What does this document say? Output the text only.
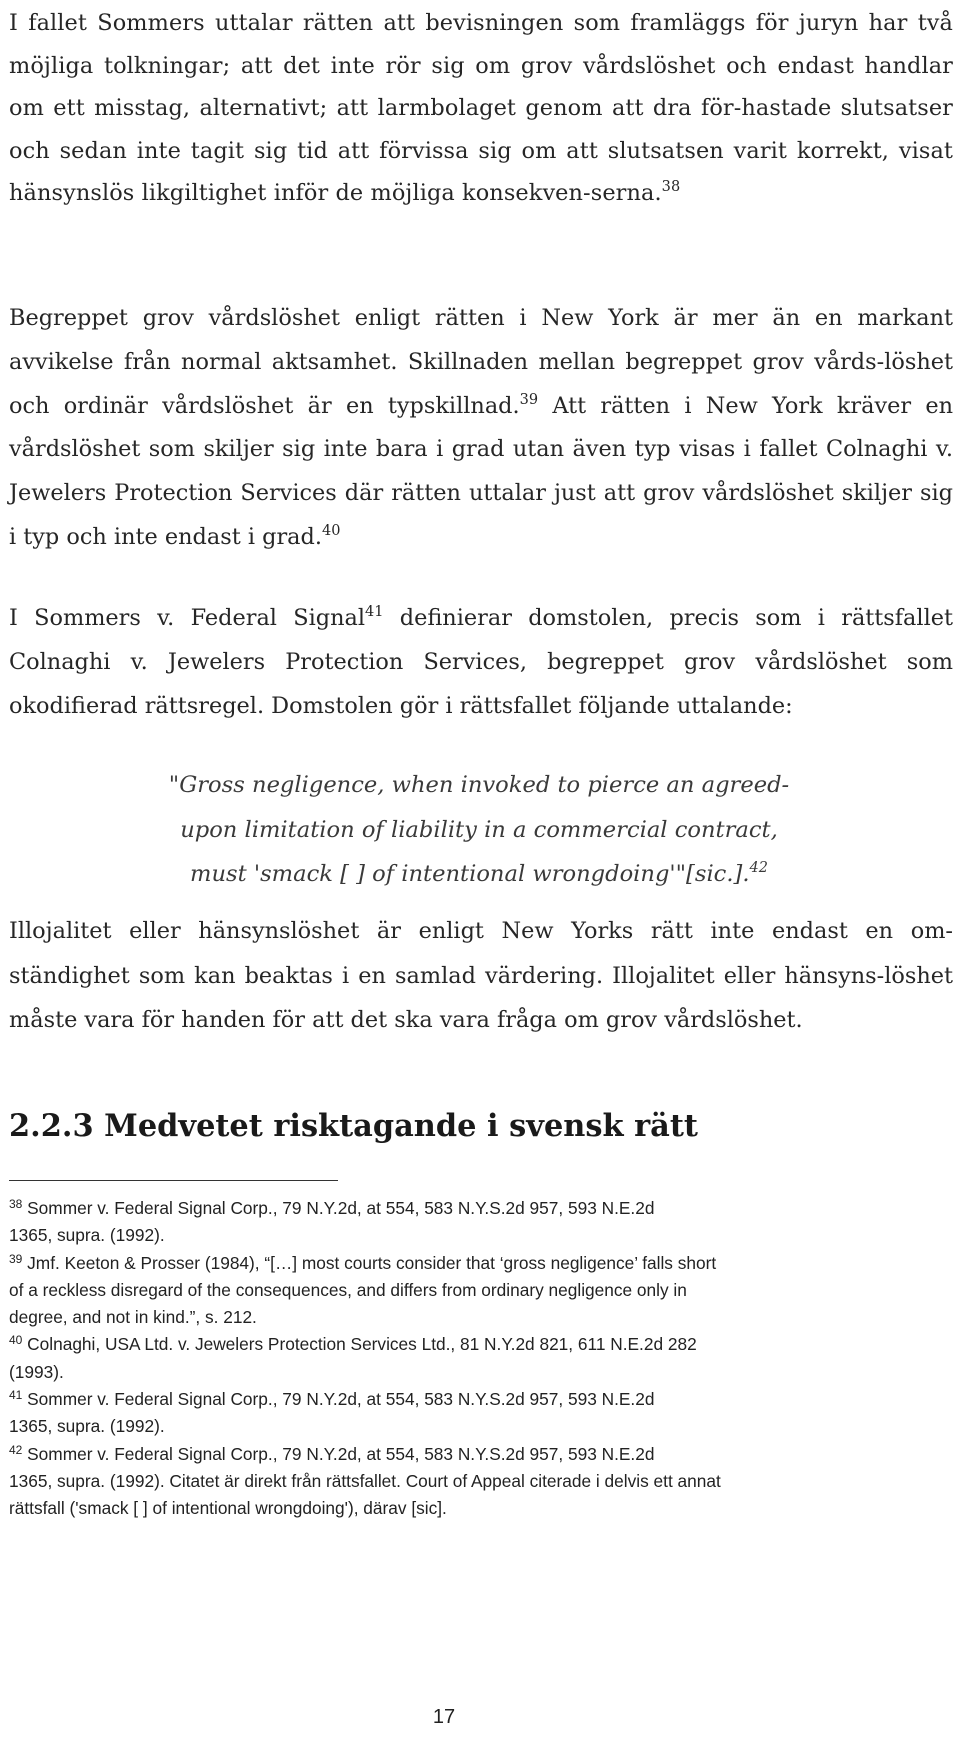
I fallet Sommers uttalar rätten att bevisningen som framläggs för juryn har två möjliga tolkningar; att det inte rör sig om grov vårdslöshet och endast handlar om ett misstag, alternativt; att larmbolaget genom att dra för-hastade slutsatser och sedan inte tagit sig tid att förvissa sig om att slutsatsen varit korrekt, visat hänsynslös likgiltighet inför de möjliga konsekven-serna.$^{38}$

Begreppet grov vårdslöshet enligt rätten i New York är mer än en markant avvikelse från normal aktsamhet. Skillnaden mellan begreppet grov vårds-löshet och ordinär vårdslöshet är en typskillnad.$^{39}$ Att rätten i New York kräver en vårdslöshet som skiljer sig inte bara i grad utan även typ visas i fallet Colnaghi v. Jewelers Protection Services där rätten uttalar just att grov vårdslöshet skiljer sig i typ och inte endast i grad.$^{40}$

I Sommers v. Federal Signal$^{41}$ definierar domstolen, precis som i rättsfallet Colnaghi v. Jewelers Protection Services, begreppet grov vårdslöshet som okodifierad rättsregel. Domstolen gör i rättsfallet följande uttalande:

"Gross negligence, when invoked to pierce an agreed-
upon limitation of liability in a commercial contract,
must 'smack [ ] of intentional wrongdoing'"[sic.].$^{42}$

Illojalitet eller hänsynslöshet är enligt New Yorks rätt inte endast en om-ständighet som kan beaktas i en samlad värdering. Illojalitet eller hänsyns-löshet måste vara för handen för att det ska vara fråga om grov vårdslöshet.

2.2.3 Medvetet risktagande i svensk rätt

$^{38}$ Sommer v. Federal Signal Corp., 79 N.Y.2d, at 554, 583 N.Y.S.2d 957, 593 N.E.2d
1365, supra. (1992).

$^{39}$ Jmf. Keeton & Prosser (1984), “[…] most courts consider that ‘gross negligence’ falls short
of a reckless disregard of the consequences, and differs from ordinary negligence only in
degree, and not in kind.”, s. 212.

$^{40}$ Colnaghi, USA Ltd. v. Jewelers Protection Services Ltd., 81 N.Y.2d 821, 611 N.E.2d 282
(1993).

$^{41}$ Sommer v. Federal Signal Corp., 79 N.Y.2d, at 554, 583 N.Y.S.2d 957, 593 N.E.2d
1365, supra. (1992).

$^{42}$ Sommer v. Federal Signal Corp., 79 N.Y.2d, at 554, 583 N.Y.S.2d 957, 593 N.E.2d
1365, supra. (1992). Citatet är direkt från rättsfallet. Court of Appeal citerade i delvis ett annat
rättsfall ('smack [ ] of intentional wrongdoing'), därav [sic].

17
